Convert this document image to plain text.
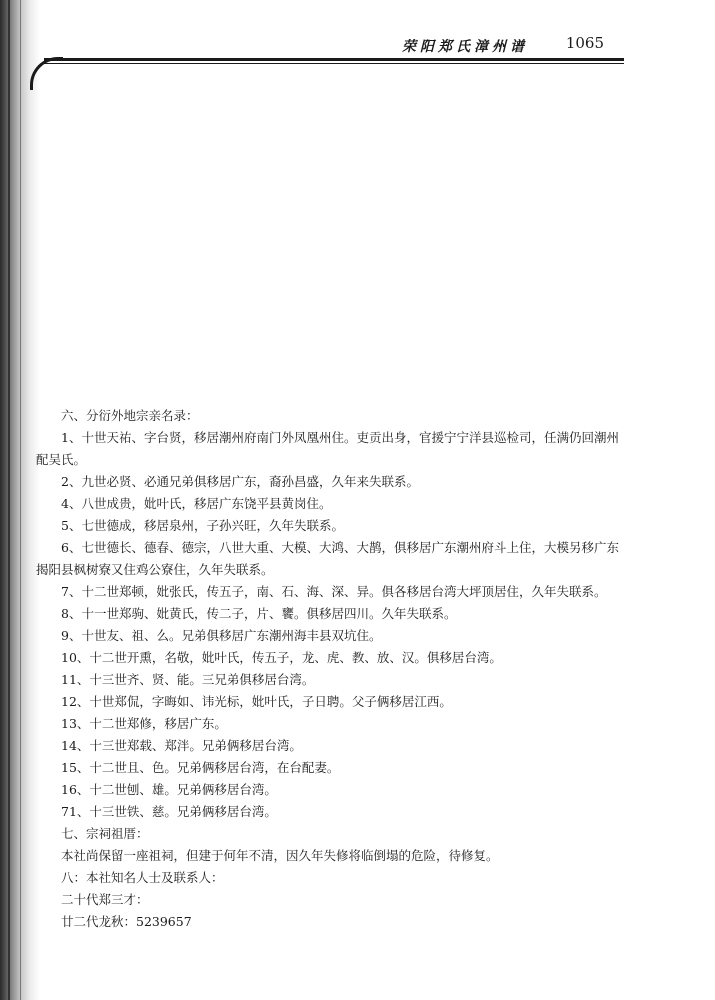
荣阳郑氏漳州谱	1065
六、分衍外地宗亲名录：
1、十世天祐、字台贤，移居潮州府南门外凤凰州住。吏贡出身，官援宁宁洋县巡检司，任满仍回潮州配吴氏。
2、九世必贤、必通兄弟俱移居广东，裔孙昌盛，久年来失联系。
4、八世成贵，妣叶氏，移居广东饶平县黄岗住。
5、七世德成，移居泉州，子孙兴旺，久年失联系。
6、七世德长、德春、德宗，八世大重、大模、大鸿、大鹊，俱移居广东潮州府斗上住，大模另移广东揭阳县枫树寮又住鸡公寮住，久年失联系。
7、十二世郑顿，妣张氏，传五子，南、石、海、深、异。俱各移居台湾大坪顶居住，久年失联系。
8、十一世郑驹、妣黄氏，传二子，片、饔。俱移居四川。久年失联系。
9、十世友、祖、么。兄弟俱移居广东潮州海丰县双坑住。
10、十二世开熏，名敬，妣叶氏，传五子，龙、虎、教、放、汉。俱移居台湾。
11、十三世齐、贤、能。三兄弟俱移居台湾。
12、十世郑侃，字晦如、讳光标，妣叶氏，子日聘。父子俩移居江西。
13、十二世郑修，移居广东。
14、十三世郑载、郑泮。兄弟俩移居台湾。
15、十二世且、色。兄弟俩移居台湾，在台配妻。
16、十二世刨、雄。兄弟俩移居台湾。
71、十三世铁、慈。兄弟俩移居台湾。
七、宗祠祖厝：
本社尚保留一座祖祠，但建于何年不清，因久年失修将临倒塌的危险，待修复。
八：本社知名人士及联系人：
二十代郑三才：
廿二代龙秋：5239657
